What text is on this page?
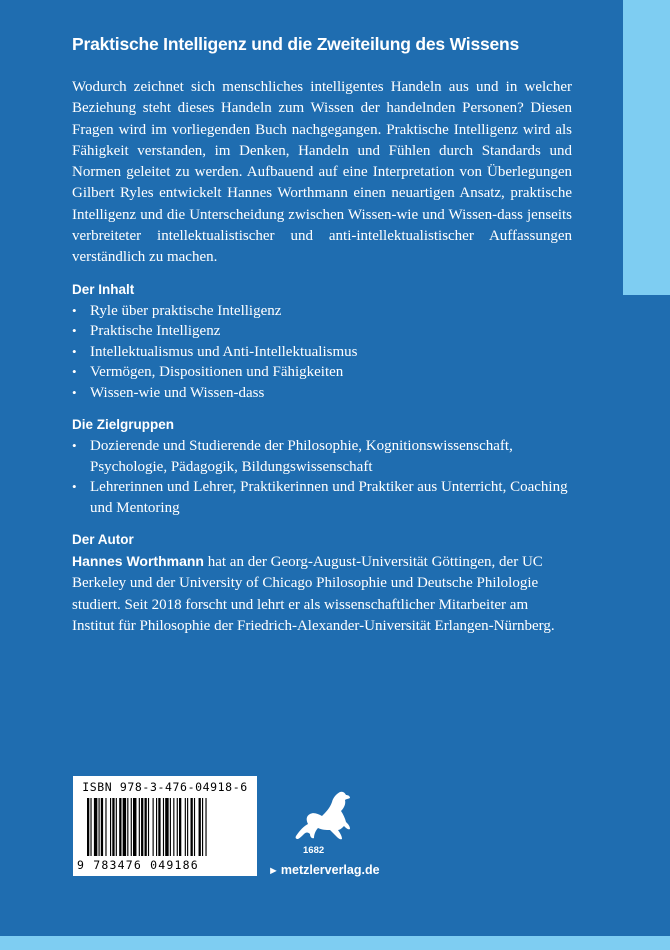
Praktische Intelligenz und die Zweiteilung des Wissens

Wodurch zeichnet sich menschliches intelligentes Handeln aus und in welcher Beziehung steht dieses Handeln zum Wissen der handelnden Personen? Diesen Fragen wird im vorliegenden Buch nachgegangen. Praktische Intelligenz wird als Fähigkeit verstanden, im Denken, Handeln und Fühlen durch Standards und Normen geleitet zu werden. Aufbauend auf eine Interpretation von Überlegungen Gilbert Ryles entwickelt Hannes Worthmann einen neuartigen Ansatz, praktische Intelligenz und die Unterscheidung zwischen Wissen-wie und Wissen-dass jenseits verbreiteter intellektualistischer und anti-intellektualistischer Auffassungen verständlich zu machen.

Der Inhalt
• Ryle über praktische Intelligenz
• Praktische Intelligenz
• Intellektualismus und Anti-Intellektualismus
• Vermögen, Dispositionen und Fähigkeiten
• Wissen-wie und Wissen-dass
Die Zielgruppen
• Dozierende und Studierende der Philosophie, Kognitionswissenschaft, Psychologie, Pädagogik, Bildungswissenschaft
• Lehrerinnen und Lehrer, Praktikerinnen und Praktiker aus Unterricht, Coaching und Mentoring
Der Autor

Hannes Worthmann hat an der Georg-August-Universität Göttingen, der UC Berkeley und der University of Chicago Philosophie und Deutsche Philologie studiert. Seit 2018 forscht und lehrt er als wissenschaftlicher Mitarbeiter am Institut für Philosophie der Friedrich-Alexander-Universität Erlangen-Nürnberg.

ISBN 978-3-476-04918-6
9 783476 049186
1682
► metzlerverlag.de
